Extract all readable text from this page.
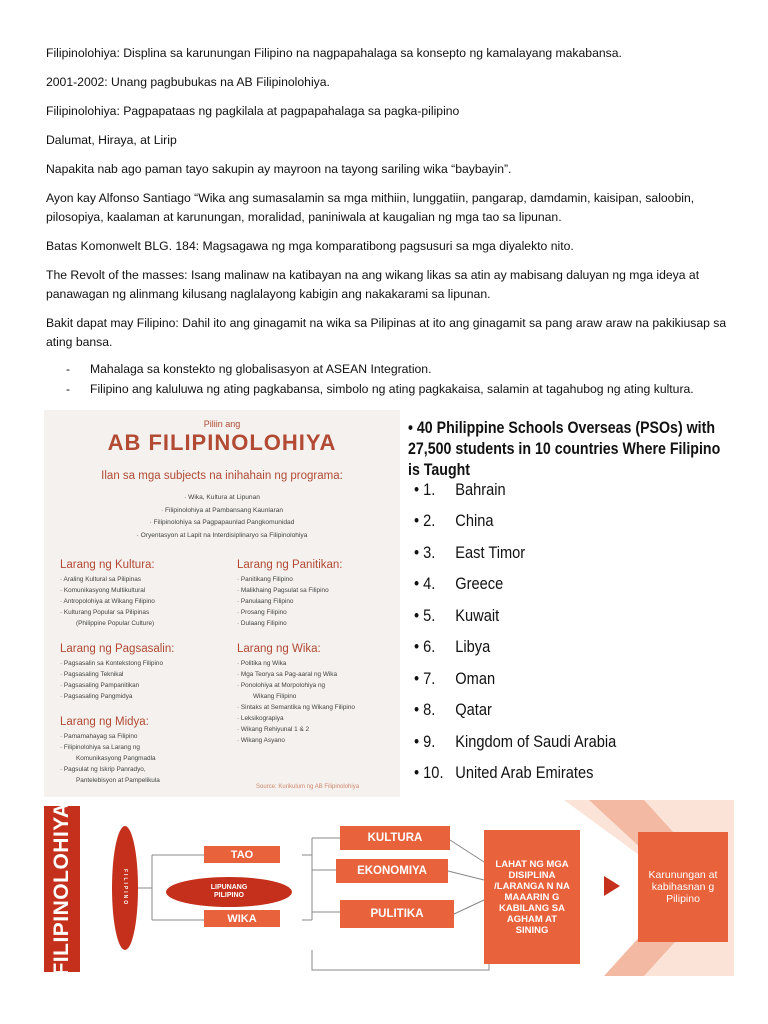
Filipinolohiya: Displina sa karunungan Filipino na nagpapahalaga sa konsepto ng kamalayang makabansa.

2001-2002: Unang pagbubukas na AB Filipinolohiya.

Filipinolohiya: Pagpapataas ng pagkilala at pagpapahalaga sa pagka-pilipino

Dalumat, Hiraya, at Lirip

Napakita nab ago paman tayo sakupin ay mayroon na tayong sariling wika “baybayin”.

Ayon kay Alfonso Santiago “Wika ang sumasalamin sa mga mithiin, lunggatiin, pangarap, damdamin, kaisipan, saloobin, pilosopiya, kaalaman at karunungan, moralidad, paniniwala at kaugalian ng mga tao sa lipunan.

Batas Komonwelt BLG. 184: Magsagawa ng mga komparatibong pagsusuri sa mga diyalekto nito.

The Revolt of the masses: Isang malinaw na katibayan na ang wikang likas sa atin ay mabisang daluyan ng mga ideya at panawagan ng alinmang kilusang naglalayong kabigin ang nakakarami sa lipunan.

Bakit dapat may Filipino: Dahil ito ang ginagamit na wika sa Pilipinas at ito ang ginagamit sa pang araw araw na pakikiusap sa ating bansa.

- Mahalaga sa konstekto ng globalisasyon at ASEAN Integration.
- Filipino ang kaluluwa ng ating pagkabansa, simbolo ng ating pagkakaisa, salamin at tagahubog ng ating kultura.
Piliin ang
AB FILIPINOLOHIYA
Ilan sa mga subjects na inihahain ng programa:
· Wika, Kultura at Lipunan
· Filipinolohiya at Pambansang Kaunlaran
· Filipinolohiya sa Pagpapaunlad Pangkomunidad
· Oryentasyon at Lapit na Interdisiplinaryo sa Filipinolohiya
Larang ng Kultura:
· Araling Kultural sa Pilipinas
· Komunikasyong Multikultural
· Antropolohiya at Wikang Filipino
· Kulturang Popular sa Pilipinas
(Philippine Popular Culture)
Larang ng Pagsasalin:
· Pagsasalin sa Kontekstong Filipino
· Pagsasaling Teknikal
· Pagsasaling Pampanitikan
· Pagsasaling Pangmidya
Larang ng Midya:
· Pamamahayag sa Filipino
· Filipinolohiya sa Larang ng
Komunikasyong Pangmadla
· Pagsulat ng Iskrip Panradyo,
Pantelebisyon at Pampelikula
Larang ng Panitikan:
· Panitikang Filipino
· Malikhaing Pagsulat sa Filipino
· Panulaang Filipino
· Prosang Filipino
· Dulaang Filipino
Larang ng Wika:
· Politika ng Wika
· Mga Teorya sa Pag-aaral ng Wika
· Ponolohiya at Morpolohiya ng
Wikang Filipino
· Sintaks at Semantika ng Wikang Filipino
· Leksikograpiya
· Wikang Rehiyunal 1 & 2
· Wikang Asyano
Source: Kurikulum ng AB Filipinolohiya
• 40 Philippine Schools Overseas (PSOs) with 27,500 students in 10 countries Where Filipino is Taught
• 1. Bahrain
• 2. China
• 3. East Timor
• 4. Greece
• 5. Kuwait
• 6. Libya
• 7. Oman
• 8. Qatar
• 9. Kingdom of Saudi Arabia
• 10. United Arab Emirates
FILIPINOLOHIYA	FILIPINO
TAO
LIPUNANG PILIPINO
WIKA
KULTURA
EKONOMIYA
PULITIKA
LAHAT NG MGA DISIPLINA /LARANGA N NA MAAARIN G KABILANG SA AGHAM AT SINING
Karunungan at kabihasnan g Pilipino
